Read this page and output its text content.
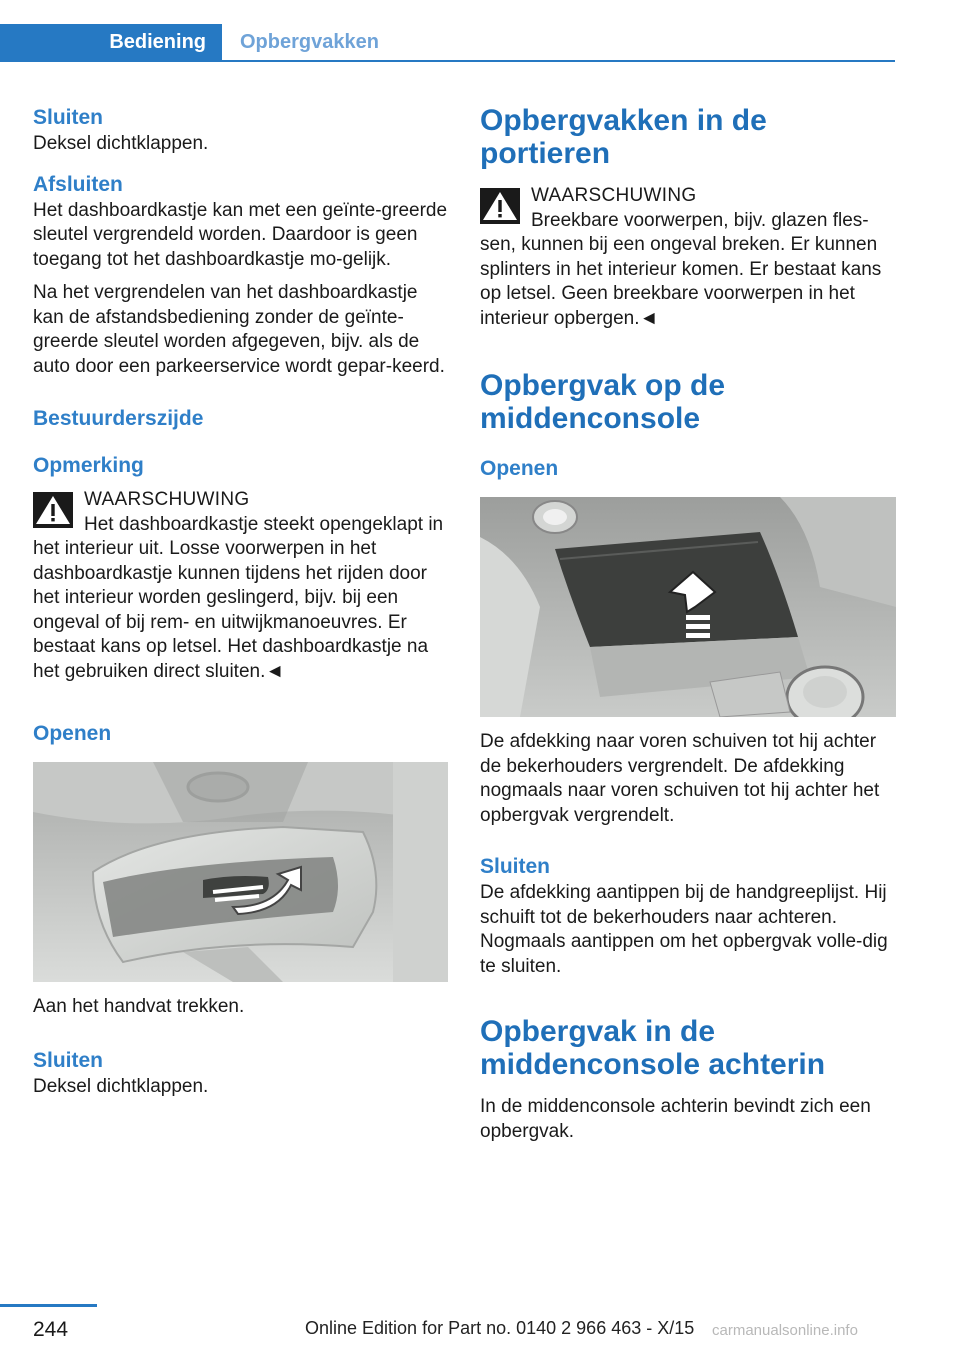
Bediening	Opbergvakken
Sluiten

Deksel dichtklappen.

Afsluiten

Het dashboardkastje kan met een geïnte-greerde sleutel vergrendeld worden. Daardoor is geen toegang tot het dashboardkastje mo-gelijk.

Na het vergrendelen van het dashboardkastje kan de afstandsbediening zonder de geïnte-greerde sleutel worden afgegeven, bijv. als de auto door een parkeerservice wordt gepar-keerd.

Bestuurderszijde
Opmerking
WAARSCHUWING
Het dashboardkastje steekt opengeklapt in het interieur uit. Losse voorwerpen in het dashboardkastje kunnen tijdens het rijden door het interieur worden geslingerd, bijv. bij een ongeval of bij rem- en uitwijkmanoeuvres. Er bestaat kans op letsel. Het dashboardkastje na het gebruiken direct sluiten.◄
Openen

Aan het handvat trekken.

Sluiten

Deksel dichtklappen.

Opbergvakken in de portieren
WAARSCHUWING
Breekbare voorwerpen, bijv. glazen fles-sen, kunnen bij een ongeval breken. Er kunnen splinters in het interieur komen. Er bestaat kans op letsel. Geen breekbare voorwerpen in het interieur opbergen.◄
Opbergvak op de middenconsole
Openen

De afdekking naar voren schuiven tot hij achter de bekerhouders vergrendelt. De afdekking nogmaals naar voren schuiven tot hij achter het opbergvak vergrendelt.

Sluiten

De afdekking aantippen bij de handgreeplijst. Hij schuift tot de bekerhouders naar achteren. Nogmaals aantippen om het opbergvak volle-dig te sluiten.

Opbergvak in de middenconsole achterin

In de middenconsole achterin bevindt zich een opbergvak.

244	Online Edition for Part no. 0140 2 966 463 - X/15 carmanualsonline.info
